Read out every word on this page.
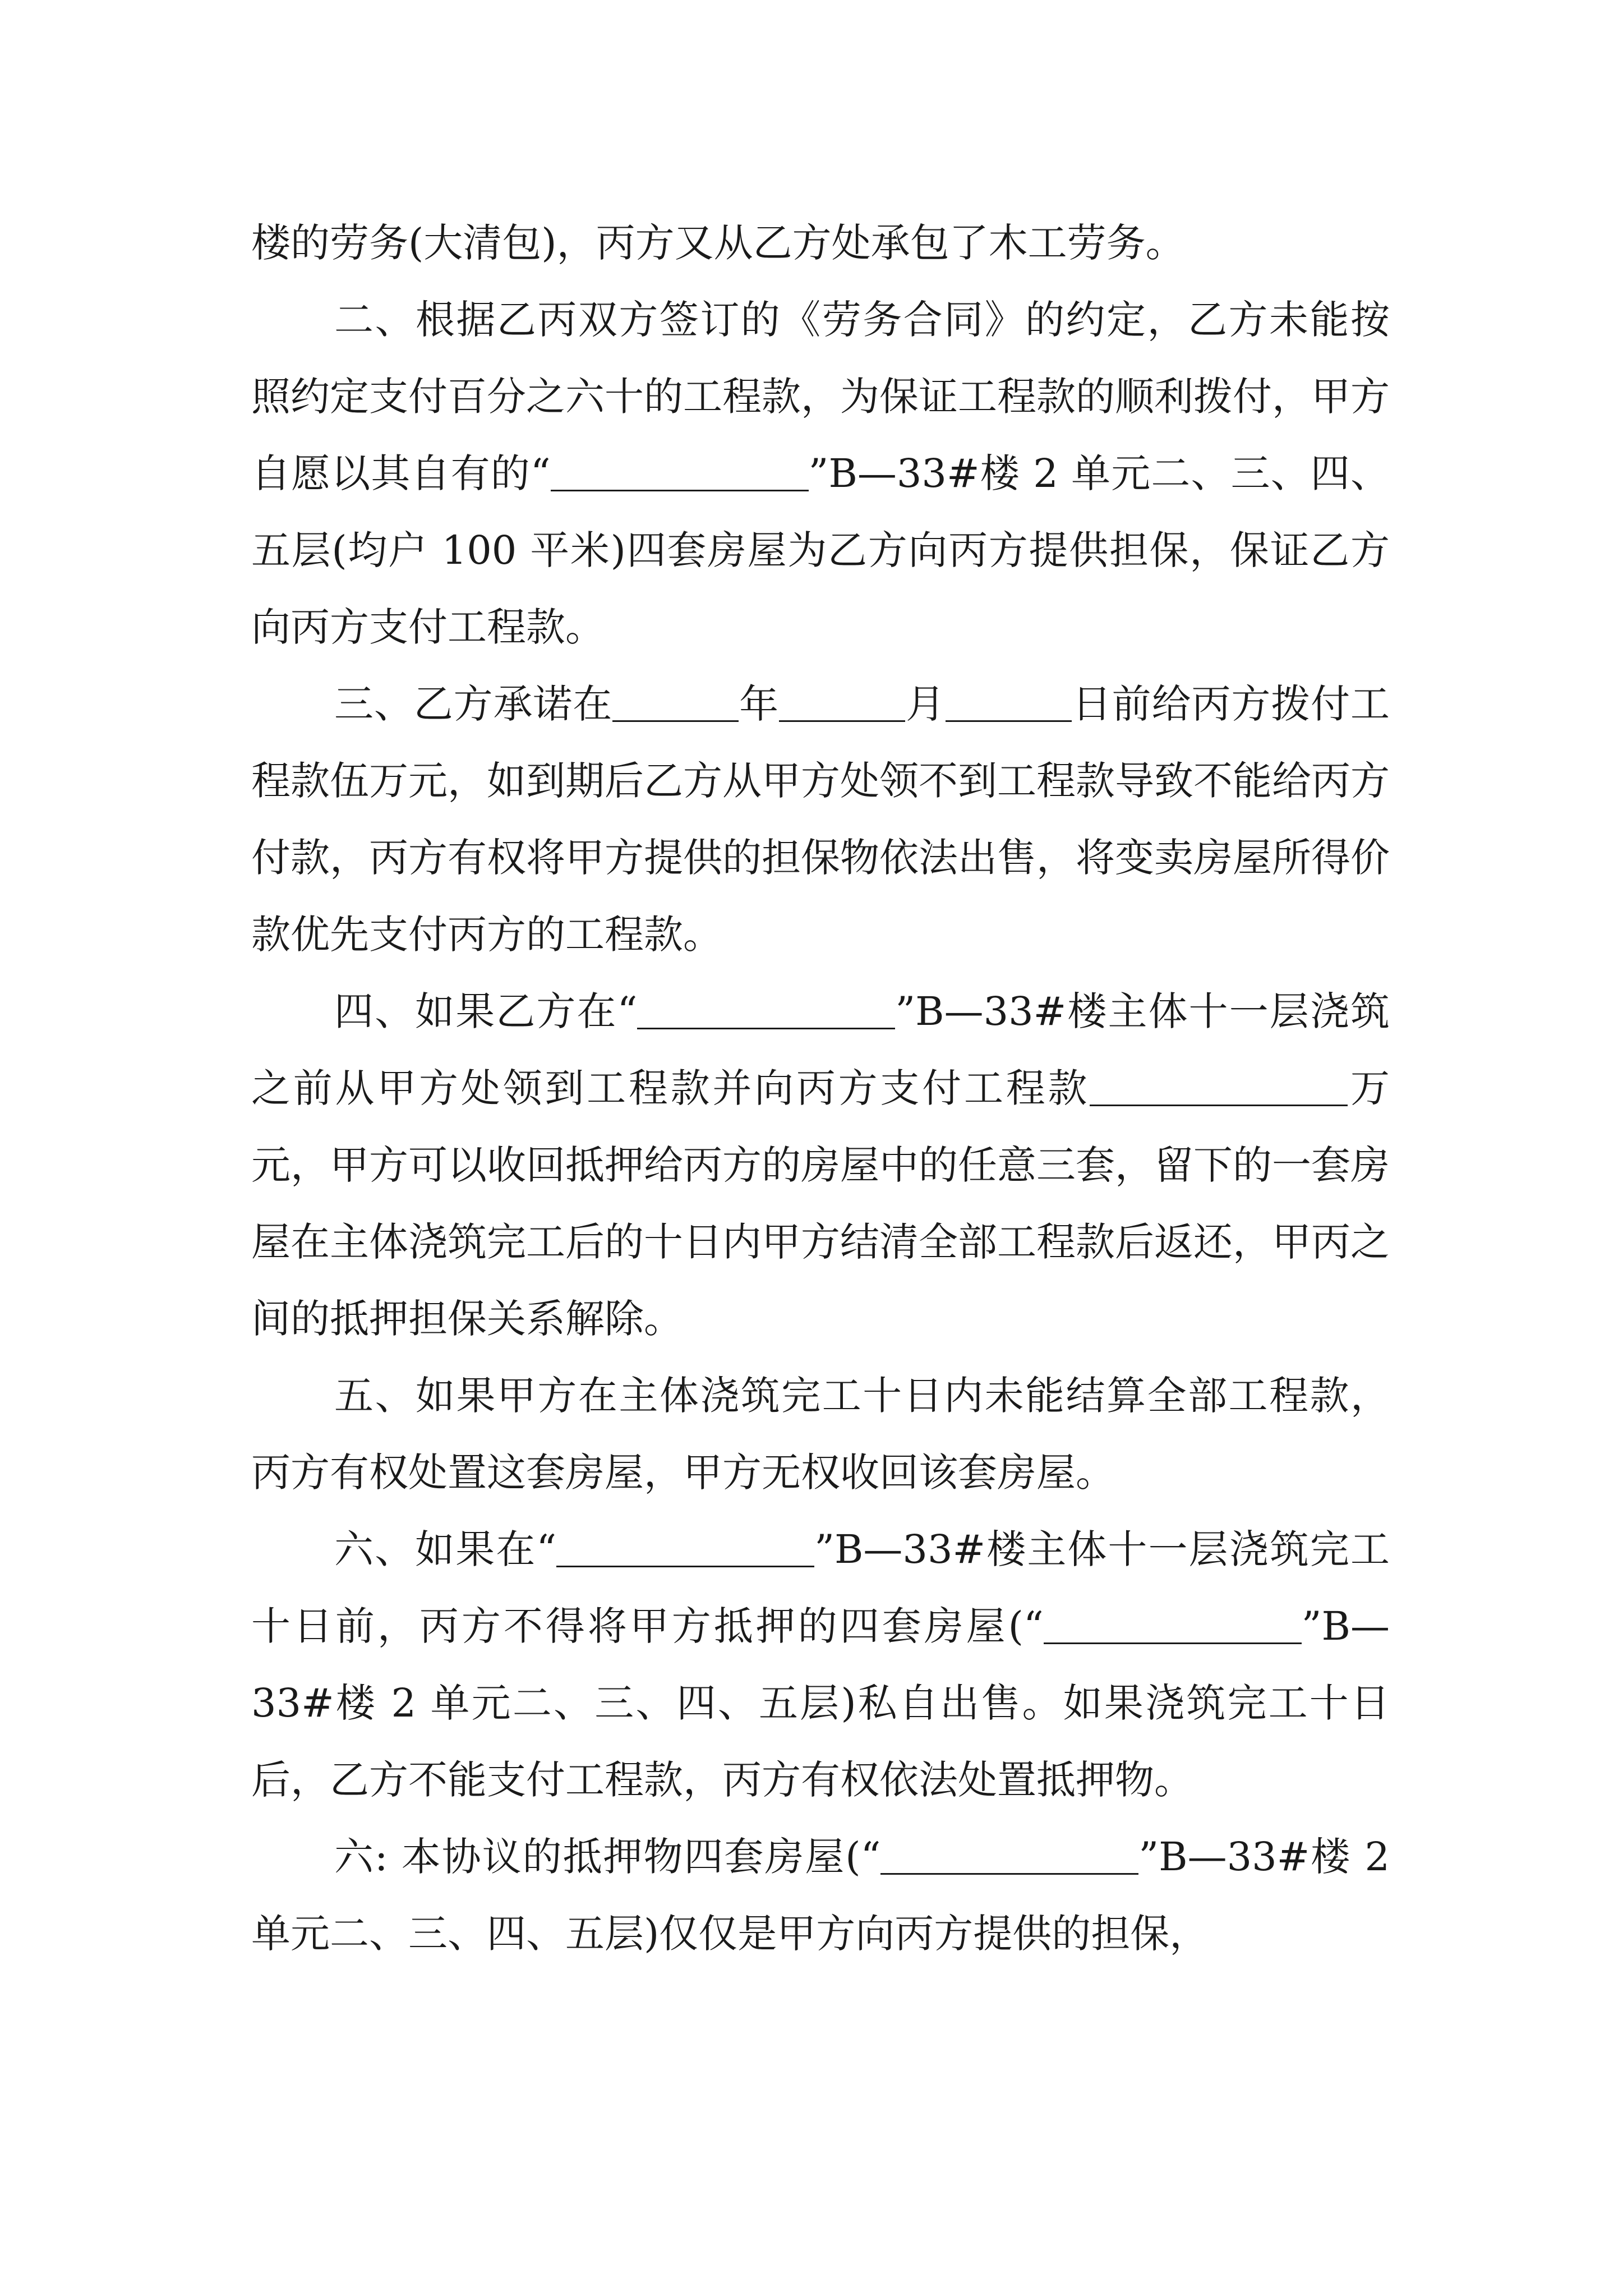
楼的劳务(大清包)，丙方又从乙方处承包了木工劳务。

二、根据乙丙双方签订的《劳务合同》的约定，乙方未能按照约定支付百分之六十的工程款，为保证工程款的顺利拨付，甲方自愿以其自有的“	”B—33#楼 2 单元二、三、四、五层(均户 100 平米)四套房屋为乙方向丙方提供担保，保证乙方向丙方支付工程款。

三、乙方承诺在	年	月	日前给丙方拨付工程款伍万元，如到期后乙方从甲方处领不到工程款导致不能给丙方付款，丙方有权将甲方提供的担保物依法出售，将变卖房屋所得价款优先支付丙方的工程款。

四、如果乙方在“	”B—33#楼主体十一层浇筑之前从甲方处领到工程款并向丙方支付工程款	万元，甲方可以收回抵押给丙方的房屋中的任意三套，留下的一套房屋在主体浇筑完工后的十日内甲方结清全部工程款后返还，甲丙之间的抵押担保关系解除。

五、如果甲方在主体浇筑完工十日内未能结算全部工程款，丙方有权处置这套房屋，甲方无权收回该套房屋。

六、如果在“	”B—33#楼主体十一层浇筑完工十日前，丙方不得将甲方抵押的四套房屋(“	”B—33#楼 2 单元二、三、四、五层)私自出售。如果浇筑完工十日后，乙方不能支付工程款，丙方有权依法处置抵押物。

六: 本协议的抵押物四套房屋(“	”B—33#楼 2 单元二、三、四、五层)仅仅是甲方向丙方提供的担保，
